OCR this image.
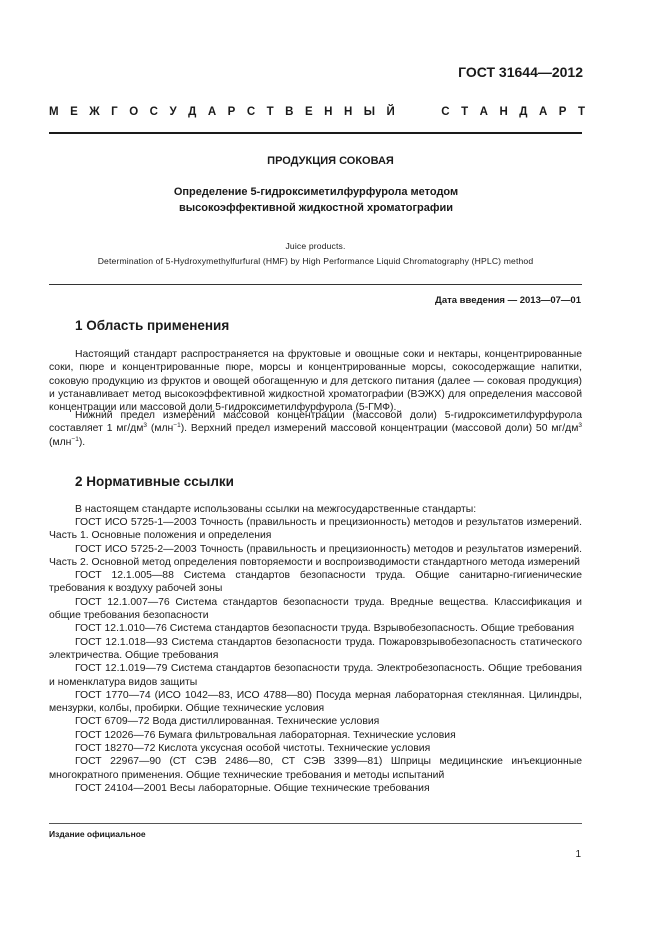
ГОСТ 31644—2012
М Е Ж Г О С У Д А Р С Т В Е Н Н Ы Й	С Т А Н Д А Р Т
ПРОДУКЦИЯ СОКОВАЯ
Определение 5-гидроксиметилфурфурола методом
высокоэффективной жидкостной хроматографии
Juice products.
Determination of 5-Hydroxymethylfurfural (HMF) by High Performance Liquid Chromatography (HPLC) method
Дата введения — 2013—07—01
1 Область применения
Настоящий стандарт распространяется на фруктовые и овощные соки и нектары, концентрированные соки, пюре и концентрированные пюре, морсы и концентрированные морсы, сокосодержащие напитки, соковую продукцию из фруктов и овощей обогащенную и для детского питания (далее — соковая продукция) и устанавливает метод высокоэффективной жидкостной хроматографии (ВЭЖХ) для определения массовой концентрации или массовой доли 5-гидроксиметилфурфурола (5-ГМФ).
Нижний предел измерений массовой концентрации (массовой доли) 5-гидроксиметилфурфурола составляет 1 $мг/дм^3$ (млн$^{-1}$). Верхний предел измерений массовой концентрации (массовой доли) 50 $мг/дм^3$ (млн$^{-1}$).
2 Нормативные ссылки
В настоящем стандарте использованы ссылки на межгосударственные стандарты:
ГОСТ ИСО 5725-1—2003 Точность (правильность и прецизионность) методов и результатов измерений. Часть 1. Основные положения и определения
ГОСТ ИСО 5725-2—2003 Точность (правильность и прецизионность) методов и результатов измерений. Часть 2. Основной метод определения повторяемости и воспроизводимости стандартного метода измерений
ГОСТ 12.1.005—88 Система стандартов безопасности труда. Общие санитарно-гигиенические требования к воздуху рабочей зоны
ГОСТ 12.1.007—76 Система стандартов безопасности труда. Вредные вещества. Классификация и общие требования безопасности
ГОСТ 12.1.010—76 Система стандартов безопасности труда. Взрывобезопасность. Общие требования
ГОСТ 12.1.018—93 Система стандартов безопасности труда. Пожаровзрывобезопасность статического электричества. Общие требования
ГОСТ 12.1.019—79 Система стандартов безопасности труда. Электробезопасность. Общие требования и номенклатура видов защиты
ГОСТ 1770—74 (ИСО 1042—83, ИСО 4788—80) Посуда мерная лабораторная стеклянная. Цилиндры, мензурки, колбы, пробирки. Общие технические условия
ГОСТ 6709—72 Вода дистиллированная. Технические условия
ГОСТ 12026—76 Бумага фильтровальная лабораторная. Технические условия
ГОСТ 18270—72 Кислота уксусная особой чистоты. Технические условия
ГОСТ 22967—90 (СТ СЭВ 2486—80, СТ СЭВ 3399—81) Шприцы медицинские инъекционные многократного применения. Общие технические требования и методы испытаний
ГОСТ 24104—2001 Весы лабораторные. Общие технические требования
Издание официальное
1
